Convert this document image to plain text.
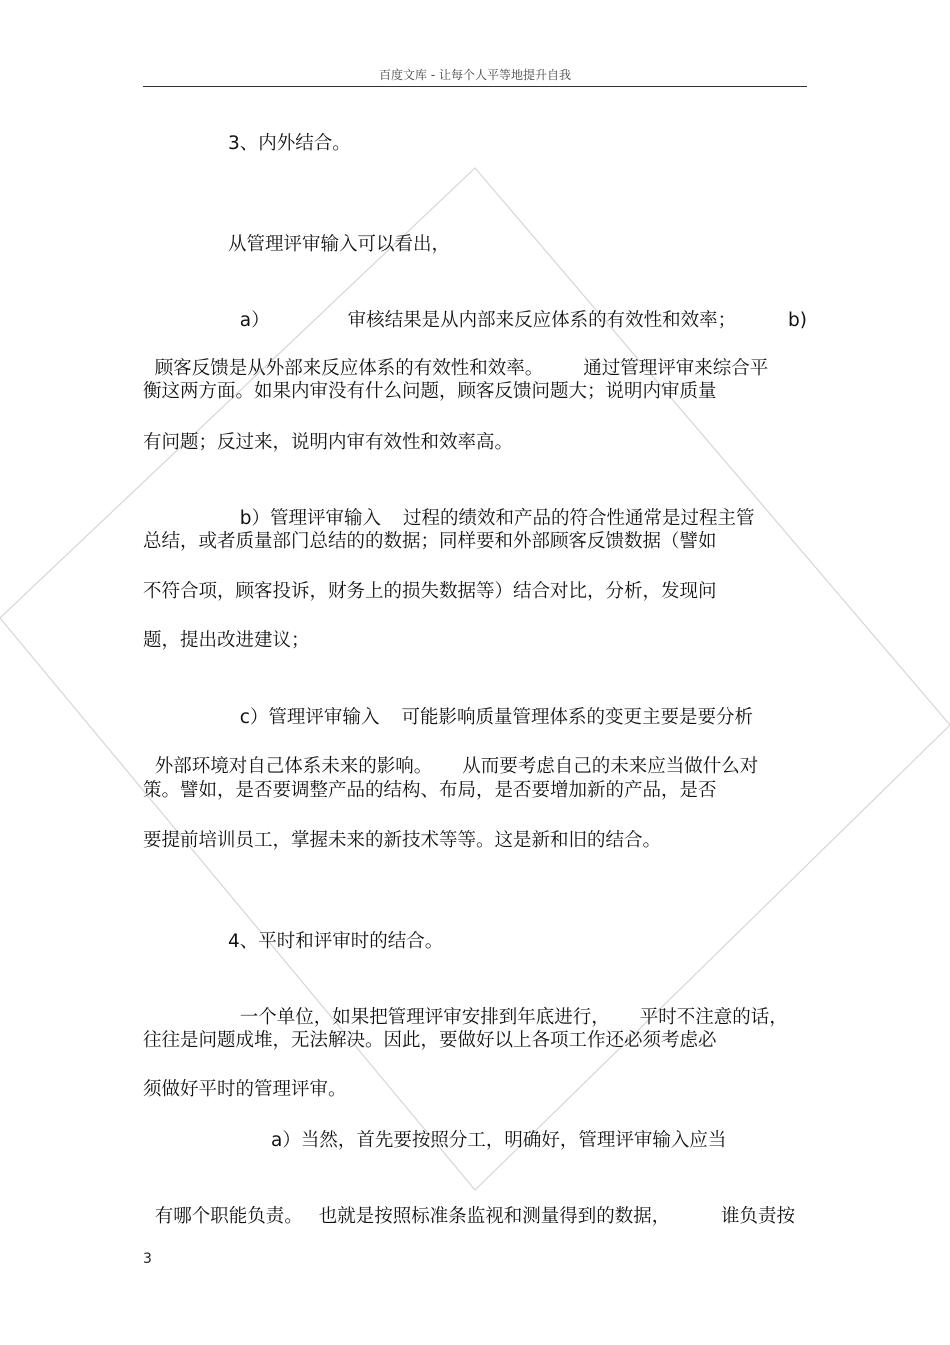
百度文库 - 让每个人平等地提升自我
3、内外结合。
从管理评审输入可以看出，

a）	审核结果是从内部来反应体系的有效性和效率；	b)

顾客反馈是从外部来反应体系的有效性和效率。 通过管理评审来综合平

衡这两方面。如果内审没有什么问题，顾客反馈问题大；说明内审质量
有问题；反过来，说明内审有效性和效率高。

b）管理评审输入 过程的绩效和产品的符合性通常是过程主管

总结，或者质量部门总结的的数据；同样要和外部顾客反馈数据（譬如
不符合项，顾客投诉，财务上的损失数据等）结合对比，分析，发现问
题，提出改进建议；

c）管理评审输入 可能影响质量管理体系的变更主要是要分析

外部环境对自己体系未来的影响。 从而要考虑自己的未来应当做什么对

策。譬如，是否要调整产品的结构、布局，是否要增加新的产品，是否
要提前培训员工，掌握未来的新技术等等。这是新和旧的结合。
4、平时和评审时的结合。

一个单位，如果把管理评审安排到年底进行， 平时不注意的话，

往往是问题成堆，无法解决。因此，要做好以上各项工作还必须考虑必
须做好平时的管理评审。
a）当然，首先要按照分工，明确好，管理评审输入应当

有哪个职能负责。 也就是按照标准条监视和测量得到的数据，	谁负责按

3
